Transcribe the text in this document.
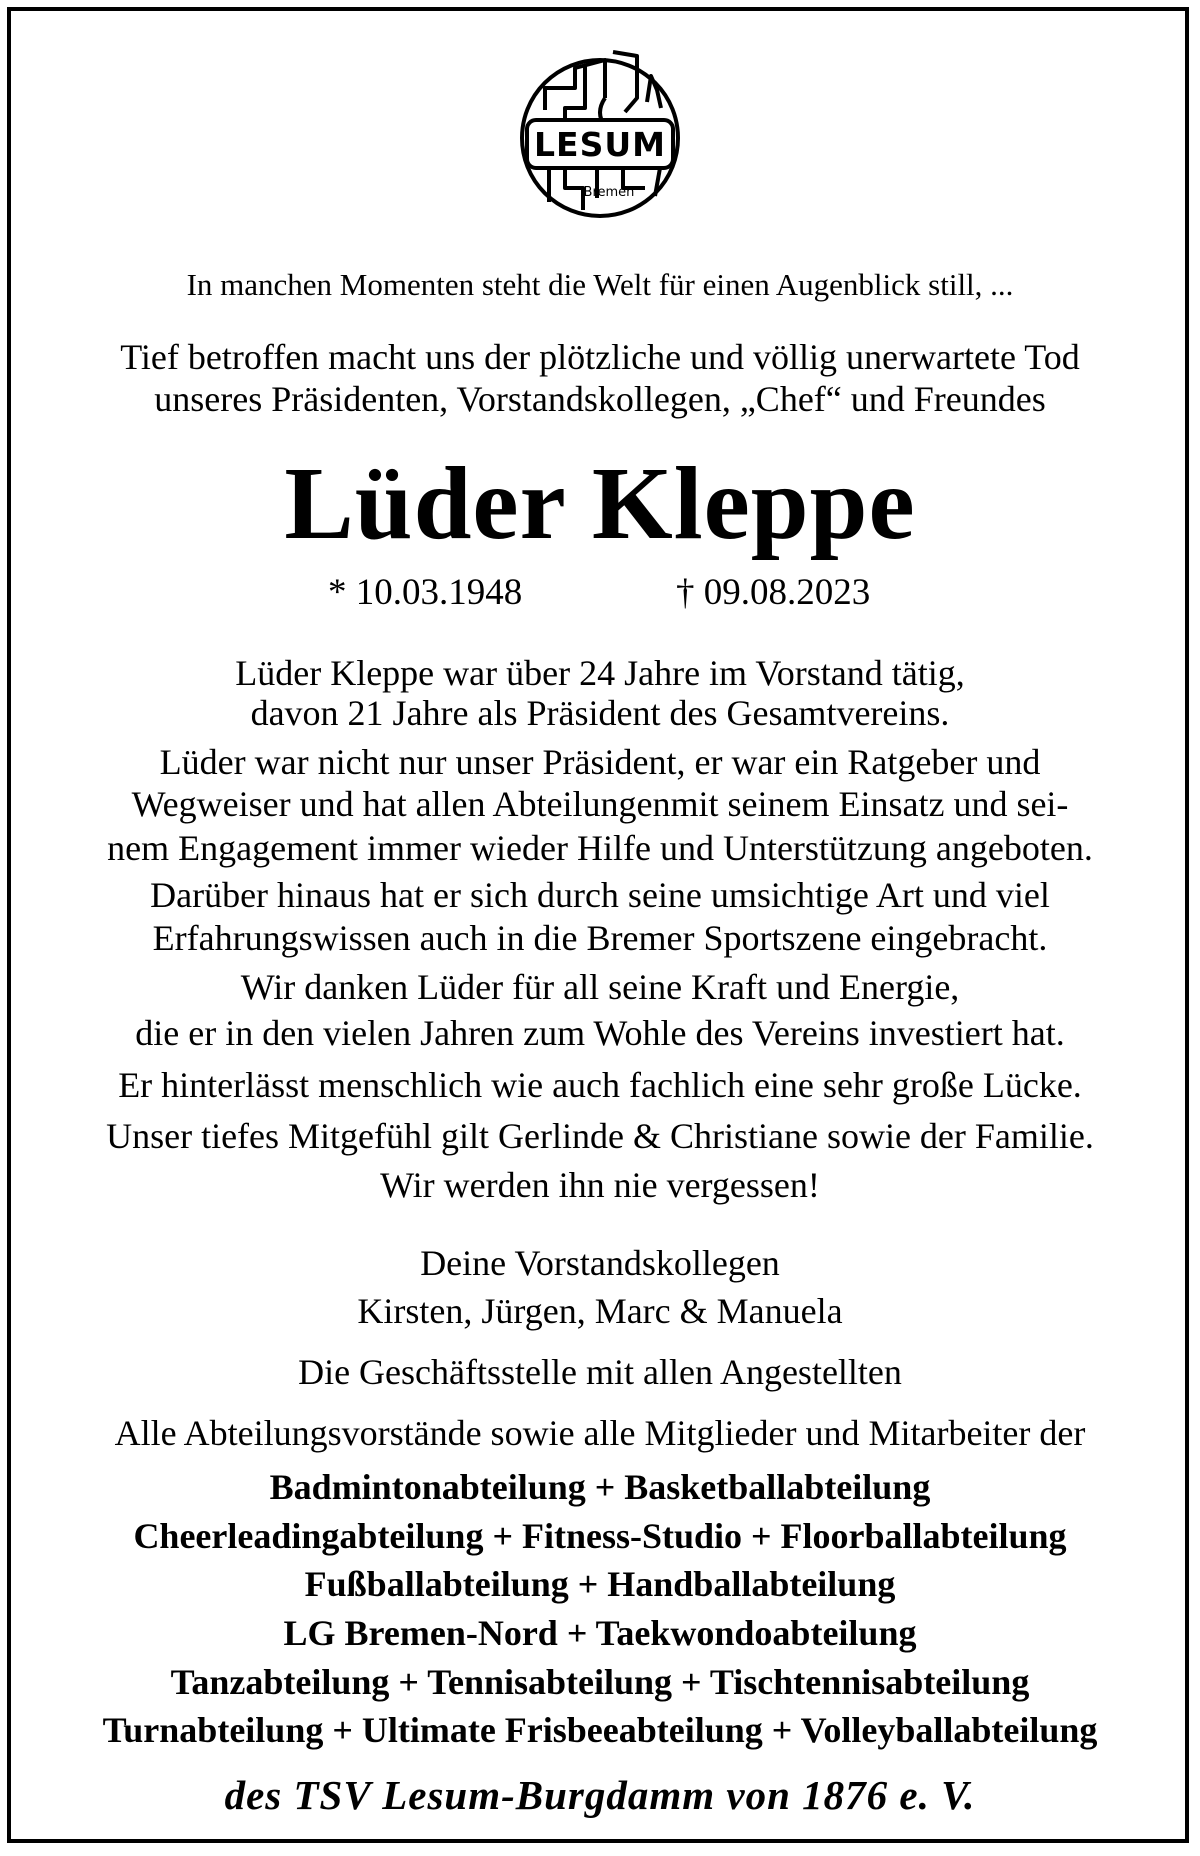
LESUM
Bremen
In manchen Momenten steht die Welt für einen Augenblick still, ...
Tief betroffen macht uns der plötzliche und völlig unerwartete Tod
unseres Präsidenten, Vorstandskollegen, „Chef“ und Freundes
Lüder Kleppe
* 10.03.1948	† 09.08.2023
Lüder Kleppe war über 24 Jahre im Vorstand tätig,
davon 21 Jahre als Präsident des Gesamtvereins.
Lüder war nicht nur unser Präsident, er war ein Ratgeber und
Wegweiser und hat allen Abteilungenmit seinem Einsatz und sei-
nem Engagement immer wieder Hilfe und Unterstützung angeboten.
Darüber hinaus hat er sich durch seine umsichtige Art und viel
Erfahrungswissen auch in die Bremer Sportszene eingebracht.
Wir danken Lüder für all seine Kraft und Energie,
die er in den vielen Jahren zum Wohle des Vereins investiert hat.
Er hinterlässt menschlich wie auch fachlich eine sehr große Lücke.
Unser tiefes Mitgefühl gilt Gerlinde & Christiane sowie der Familie.
Wir werden ihn nie vergessen!
Deine Vorstandskollegen
Kirsten, Jürgen, Marc & Manuela
Die Geschäftsstelle mit allen Angestellten
Alle Abteilungsvorstände sowie alle Mitglieder und Mitarbeiter der
Badmintonabteilung + Basketballabteilung
Cheerleadingabteilung + Fitness-Studio + Floorballabteilung
Fußballabteilung + Handballabteilung
LG Bremen-Nord + Taekwondoabteilung
Tanzabteilung + Tennisabteilung + Tischtennisabteilung
Turnabteilung + Ultimate Frisbeeabteilung + Volleyballabteilung
des TSV Lesum-Burgdamm von 1876 e. V.
